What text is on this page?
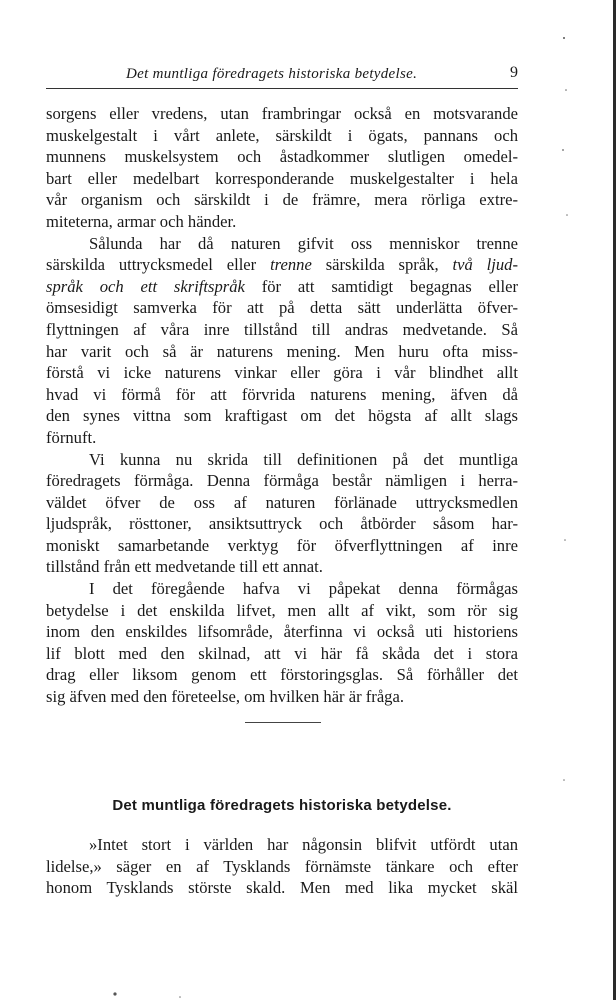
Det muntliga föredragets historiska betydelse.	9
sorgens eller vredens, utan frambringar också en motsvarande
muskelgestalt i vårt anlete, särskildt i ögats, pannans och
munnens muskelsystem och åstadkommer slutligen omedel-
bart eller medelbart korresponderande muskelgestalter i hela
vår organism och särskildt i de främre, mera rörliga extre-
miteterna, armar och händer.
Sålunda har då naturen gifvit oss menniskor trenne
särskilda uttrycksmedel eller trenne särskilda språk, två ljud-
språk och ett skriftspråk för att samtidigt begagnas eller
ömsesidigt samverka för att på detta sätt underlätta öfver-
flyttningen af våra inre tillstånd till andras medvetande. Så
har varit och så är naturens mening. Men huru ofta miss-
förstå vi icke naturens vinkar eller göra i vår blindhet allt
hvad vi förmå för att förvrida naturens mening, äfven då
den synes vittna som kraftigast om det högsta af allt slags
förnuft.
Vi kunna nu skrida till definitionen på det muntliga
föredragets förmåga. Denna förmåga består nämligen i herra-
väldet öfver de oss af naturen förlänade uttrycksmedlen
ljudspråk, rösttoner, ansiktsuttryck och åtbörder såsom har-
moniskt samarbetande verktyg för öfverflyttningen af inre
tillstånd från ett medvetande till ett annat.
I det föregående hafva vi påpekat denna förmågas
betydelse i det enskilda lifvet, men allt af vikt, som rör sig
inom den enskildes lifsområde, återfinna vi också uti historiens
lif blott med den skilnad, att vi här få skåda det i stora
drag eller liksom genom ett förstoringsglas. Så förhåller det
sig äfven med den företeelse, om hvilken här är fråga.
Det muntliga föredragets historiska betydelse.
»Intet stort i världen har någonsin blifvit utfördt utan
lidelse,» säger en af Tysklands förnämste tänkare och efter
honom Tysklands störste skald. Men med lika mycket skäl
